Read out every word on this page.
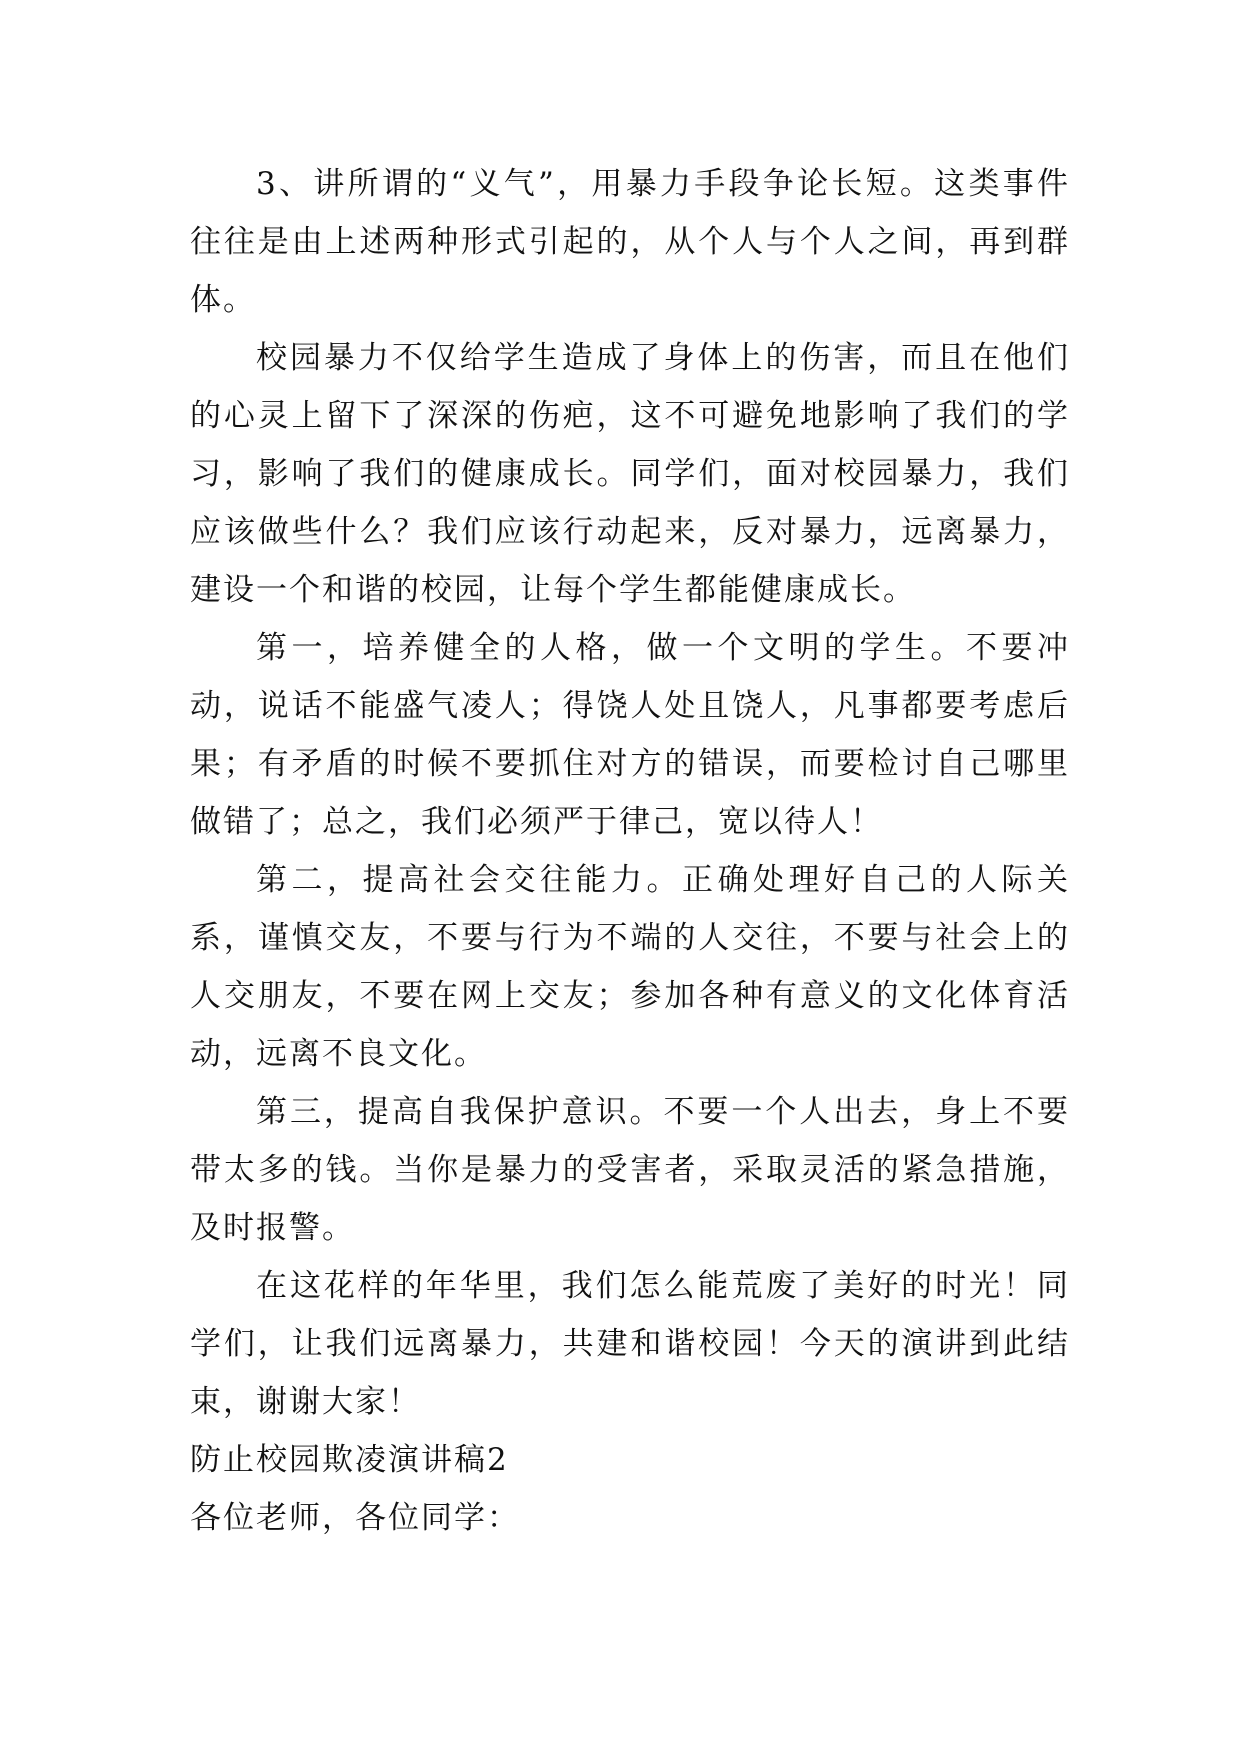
3、讲所谓的“义气”，用暴力手段争论长短。这类事件往往是由上述两种形式引起的，从个人与个人之间，再到群体。

校园暴力不仅给学生造成了身体上的伤害，而且在他们的心灵上留下了深深的伤疤，这不可避免地影响了我们的学习，影响了我们的健康成长。同学们，面对校园暴力，我们应该做些什么？我们应该行动起来，反对暴力，远离暴力，建设一个和谐的校园，让每个学生都能健康成长。

第一，培养健全的人格，做一个文明的学生。不要冲动，说话不能盛气凌人；得饶人处且饶人，凡事都要考虑后果；有矛盾的时候不要抓住对方的错误，而要检讨自己哪里做错了；总之，我们必须严于律己，宽以待人！

第二，提高社会交往能力。正确处理好自己的人际关系，谨慎交友，不要与行为不端的人交往，不要与社会上的人交朋友，不要在网上交友；参加各种有意义的文化体育活动，远离不良文化。

第三，提高自我保护意识。不要一个人出去，身上不要带太多的钱。当你是暴力的受害者，采取灵活的紧急措施，及时报警。

在这花样的年华里，我们怎么能荒废了美好的时光！同学们，让我们远离暴力，共建和谐校园！今天的演讲到此结束，谢谢大家！

防止校园欺凌演讲稿2

各位老师，各位同学：
